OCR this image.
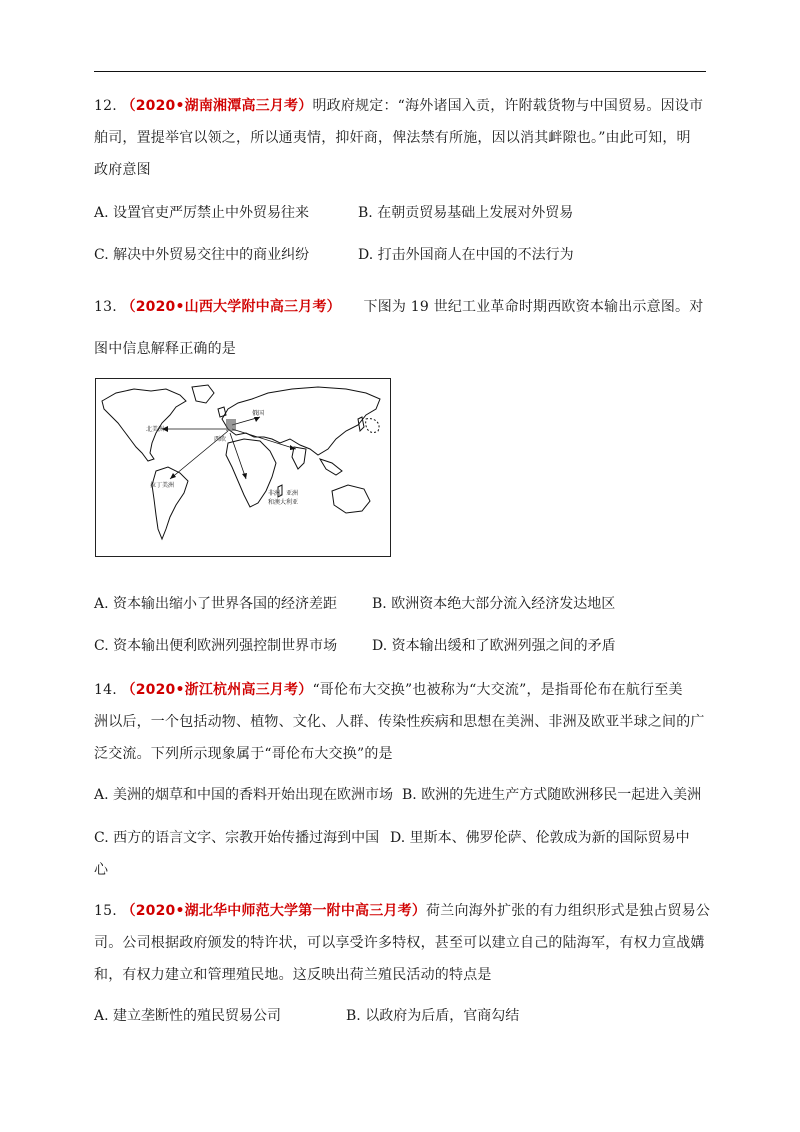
12. （2020•湖南湘潭高三月考）明政府规定：“海外诸国入贡，许附载货物与中国贸易。因设市
舶司，置提举官以领之，所以通夷情，抑奸商，俾法禁有所施，因以消其衅隙也。”由此可知，明
政府意图
A. 设置官吏严厉禁止中外贸易往来	B. 在朝贡贸易基础上发展对外贸易
C. 解决中外贸易交往中的商业纠纷	D. 打击外国商人在中国的不法行为
13. （2020•山西大学附中高三月考） 下图为 19 世纪工业革命时期西欧资本输出示意图。对
图中信息解释正确的是
北美洲
西欧
俄国
拉丁美洲
非洲、亚洲
和澳大利亚
A. 资本输出缩小了世界各国的经济差距 B. 欧洲资本绝大部分流入经济发达地区
C. 资本输出便利欧洲列强控制世界市场 D. 资本输出缓和了欧洲列强之间的矛盾
14. （2020•浙江杭州高三月考）“哥伦布大交换”也被称为“大交流”，是指哥伦布在航行至美
洲以后，一个包括动物、植物、文化、人群、传染性疾病和思想在美洲、非洲及欧亚半球之间的广
泛交流。下列所示现象属于“哥伦布大交换”的是
A. 美洲的烟草和中国的香料开始出现在欧洲市场 B. 欧洲的先进生产方式随欧洲移民一起进入美洲
C. 西方的语言文字、宗教开始传播过海到中国 D. 里斯本、佛罗伦萨、伦敦成为新的国际贸易中
心
15. （2020•湖北华中师范大学第一附中高三月考）荷兰向海外扩张的有力组织形式是独占贸易公
司。公司根据政府颁发的特许状，可以享受许多特权，甚至可以建立自己的陆海军，有权力宣战媾
和，有权力建立和管理殖民地。这反映出荷兰殖民活动的特点是
A. 建立垄断性的殖民贸易公司	B. 以政府为后盾，官商勾结
